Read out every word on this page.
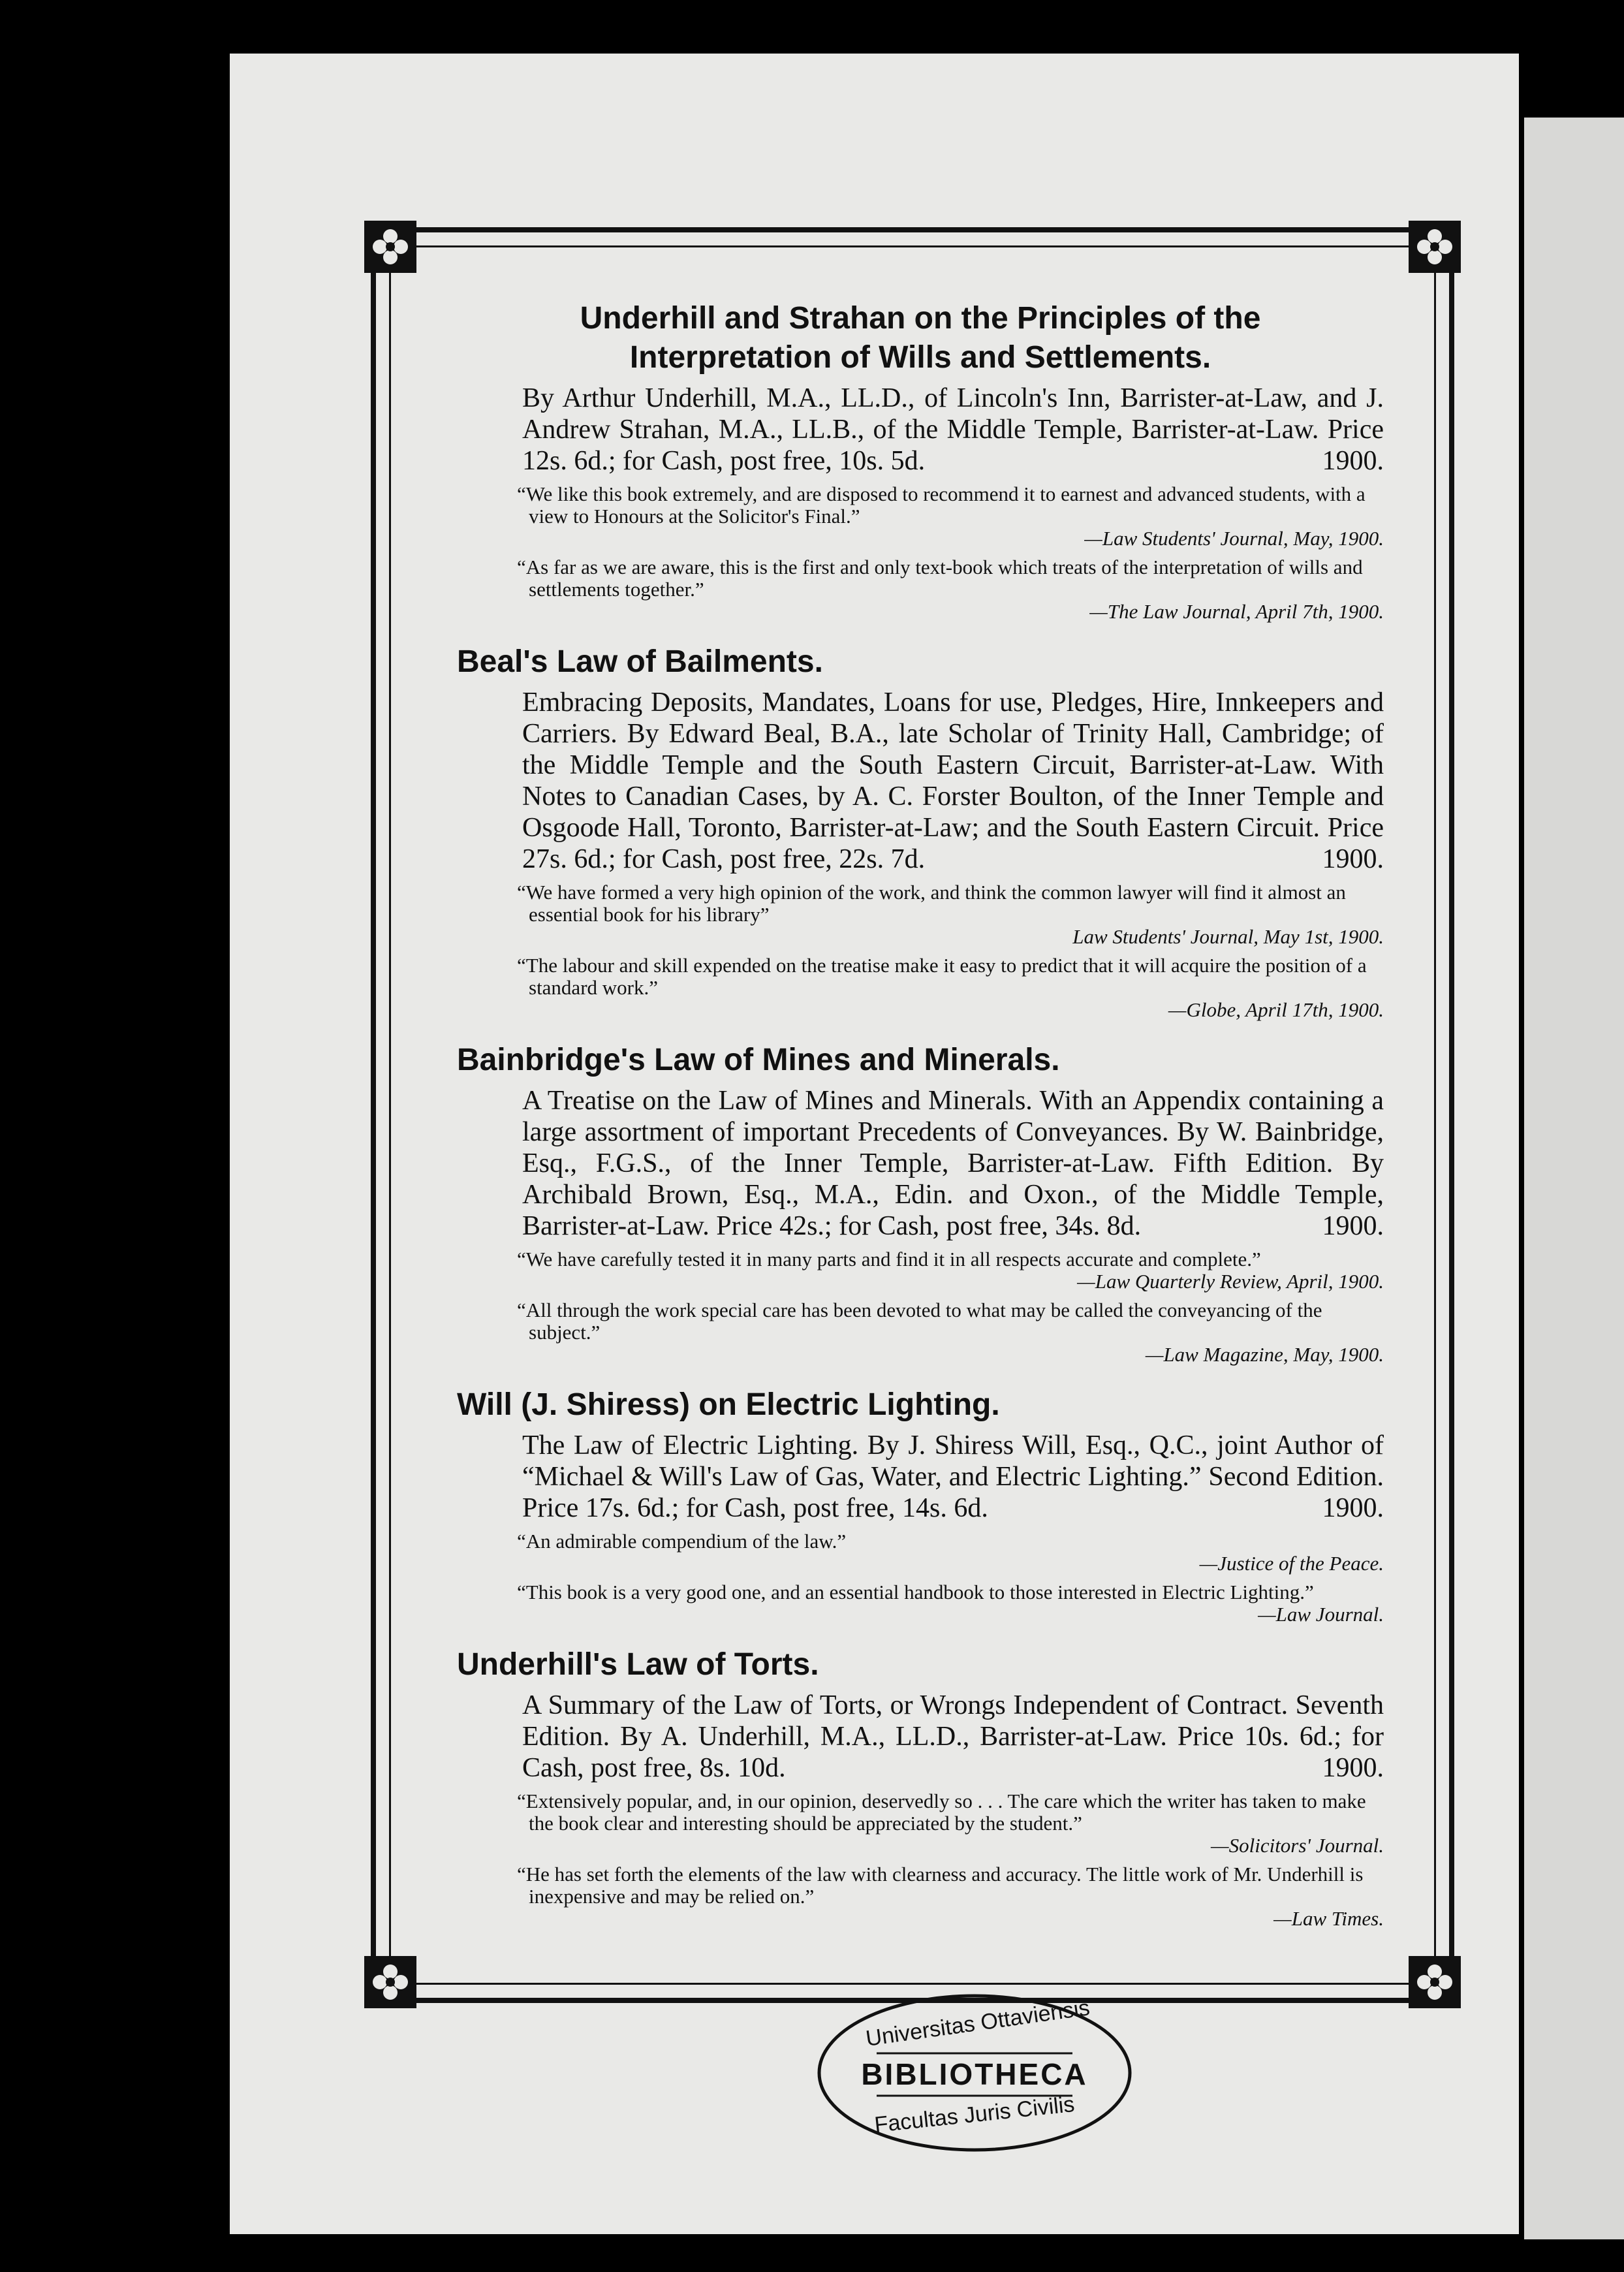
Underhill and Strahan on the Principles of the

Interpretation of Wills and Settlements.

By Arthur Underhill, M.A., LL.D., of Lincoln's Inn, Barrister-at-Law, and J. Andrew Strahan, M.A., LL.B., of the Middle Temple, Barrister-at-Law. Price 12s. 6d.; for Cash, post free, 10s. 5d.	1900.
“We like this book extremely, and are disposed to recommend it to earnest and advanced students, with a view to Honours at the Solicitor's Final.”
—Law Students' Journal, May, 1900.
“As far as we are aware, this is the first and only text-book which treats of the interpretation of wills and settlements together.”
—The Law Journal, April 7th, 1900.

Beal's Law of Bailments.

Embracing Deposits, Mandates, Loans for use, Pledges, Hire, Innkeepers and Carriers. By Edward Beal, B.A., late Scholar of Trinity Hall, Cambridge; of the Middle Temple and the South Eastern Circuit, Barrister-at-Law. With Notes to Canadian Cases, by A. C. Forster Boulton, of the Inner Temple and Osgoode Hall, Toronto, Barrister-at-Law; and the South Eastern Circuit. Price 27s. 6d.; for Cash, post free, 22s. 7d.	1900.
“We have formed a very high opinion of the work, and think the common lawyer will find it almost an essential book for his library”
Law Students' Journal, May 1st, 1900.
“The labour and skill expended on the treatise make it easy to predict that it will acquire the position of a standard work.”
—Globe, April 17th, 1900.

Bainbridge's Law of Mines and Minerals.

A Treatise on the Law of Mines and Minerals. With an Appendix containing a large assortment of important Precedents of Conveyances. By W. Bainbridge, Esq., F.G.S., of the Inner Temple, Barrister-at-Law. Fifth Edition. By Archibald Brown, Esq., M.A., Edin. and Oxon., of the Middle Temple, Barrister-at-Law. Price 42s.; for Cash, post free, 34s. 8d.	1900.
“We have carefully tested it in many parts and find it in all respects accurate and complete.”
—Law Quarterly Review, April, 1900.
“All through the work special care has been devoted to what may be called the conveyancing of the subject.”
—Law Magazine, May, 1900.

Will (J. Shiress) on Electric Lighting.

The Law of Electric Lighting. By J. Shiress Will, Esq., Q.C., joint Author of “Michael & Will's Law of Gas, Water, and Electric Lighting.” Second Edition. Price 17s. 6d.; for Cash, post free, 14s. 6d.	1900.
“An admirable compendium of the law.”
—Justice of the Peace.
“This book is a very good one, and an essential handbook to those interested in Electric Lighting.”
—Law Journal.

Underhill's Law of Torts.

A Summary of the Law of Torts, or Wrongs Independent of Contract. Seventh Edition. By A. Underhill, M.A., LL.D., Barrister-at-Law. Price 10s. 6d.; for Cash, post free, 8s. 10d.	1900.
“Extensively popular, and, in our opinion, deservedly so . . . The care which the writer has taken to make the book clear and interesting should be appreciated by the student.”
—Solicitors' Journal.
“He has set forth the elements of the law with clearness and accuracy. The little work of Mr. Underhill is inexpensive and may be relied on.”
—Law Times.
Universitas Ottaviensis
BIBLIOTHECA
Facultas Juris Civilis
